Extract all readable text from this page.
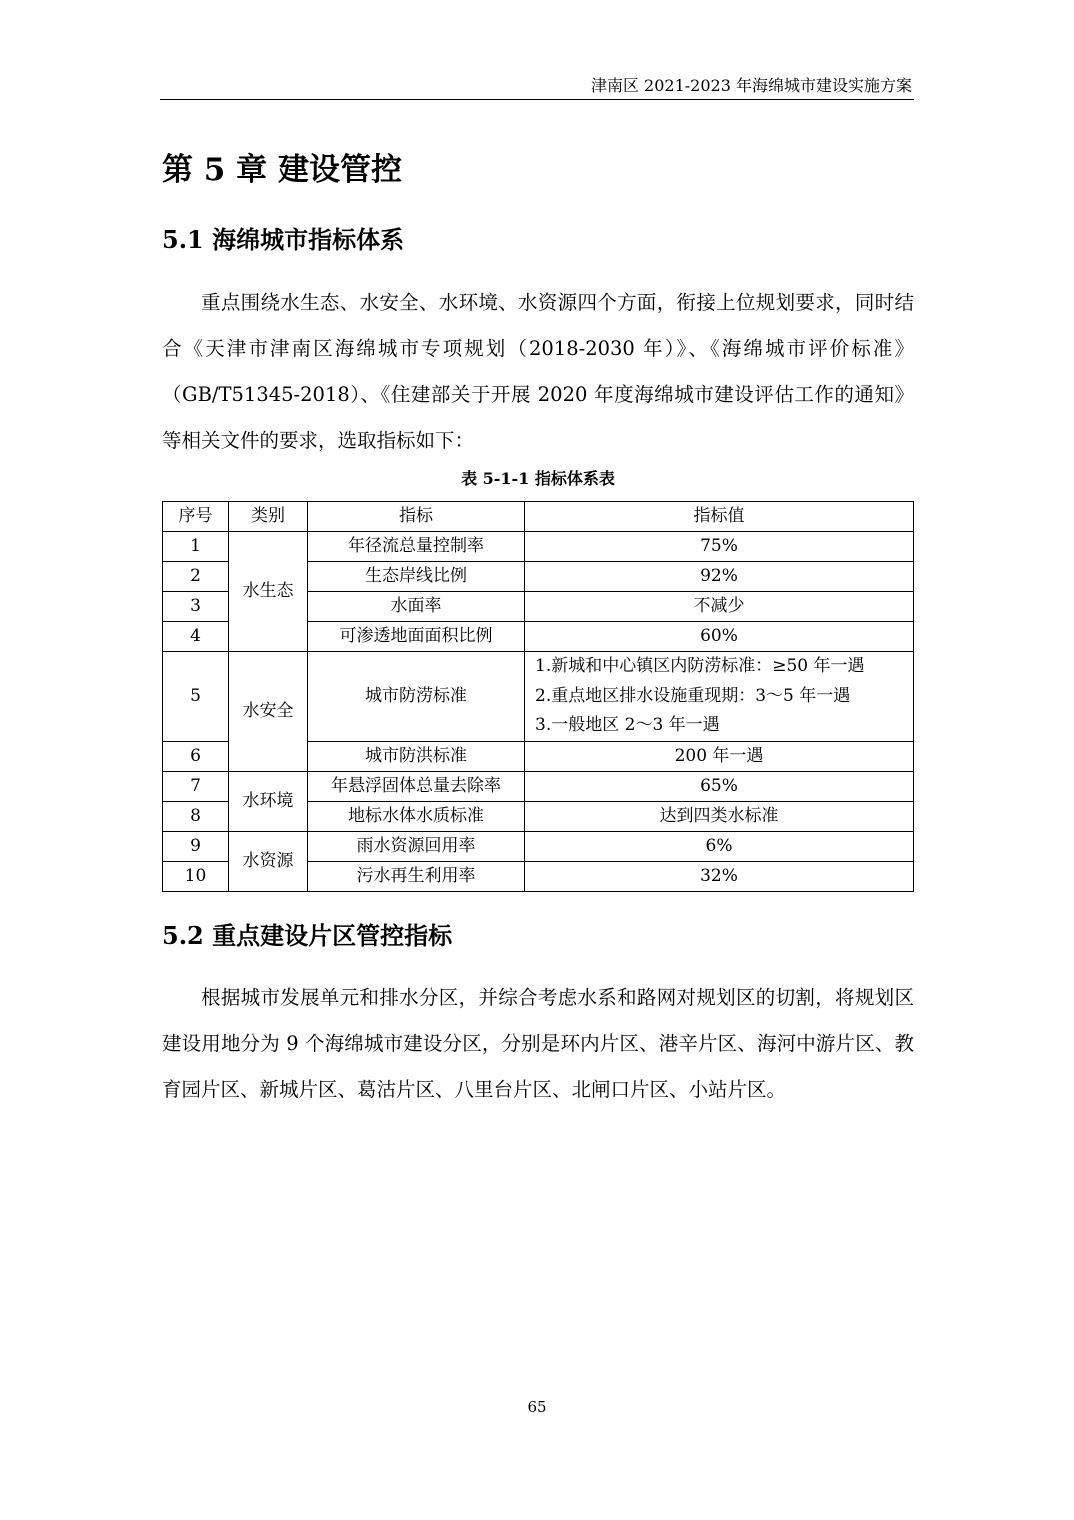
津南区 2021-2023 年海绵城市建设实施方案
第 5 章 建设管控
5.1 海绵城市指标体系

重点围绕水生态、水安全、水环境、水资源四个方面，衔接上位规划要求，同时结合《天津市津南区海绵城市专项规划（2018-2030 年）》、《海绵城市评价标准》（GB/T51345-2018）、《住建部关于开展 2020 年度海绵城市建设评估工作的通知》等相关文件的要求，选取指标如下：

表 5-1-1 指标体系表
序号	类别	指标	指标值
1	水生态	年径流总量控制率	75%
2		生态岸线比例	92%
3		水面率	不减少
4		可渗透地面面积比例	60%
5	水安全	城市防涝标准	1.新城和中心镇区内防涝标准：≥50 年一遇
2.重点地区排水设施重现期：3～5 年一遇
3.一般地区 2～3 年一遇

6		城市防洪标准	200 年一遇
7	水环境	年悬浮固体总量去除率	65%
8		地标水体水质标准	达到四类水标准
9	水资源	雨水资源回用率	6%
10		污水再生利用率	32%
5.2 重点建设片区管控指标

根据城市发展单元和排水分区，并综合考虑水系和路网对规划区的切割，将规划区建设用地分为 9 个海绵城市建设分区，分别是环内片区、港辛片区、海河中游片区、教育园片区、新城片区、葛沽片区、八里台片区、北闸口片区、小站片区。

65
